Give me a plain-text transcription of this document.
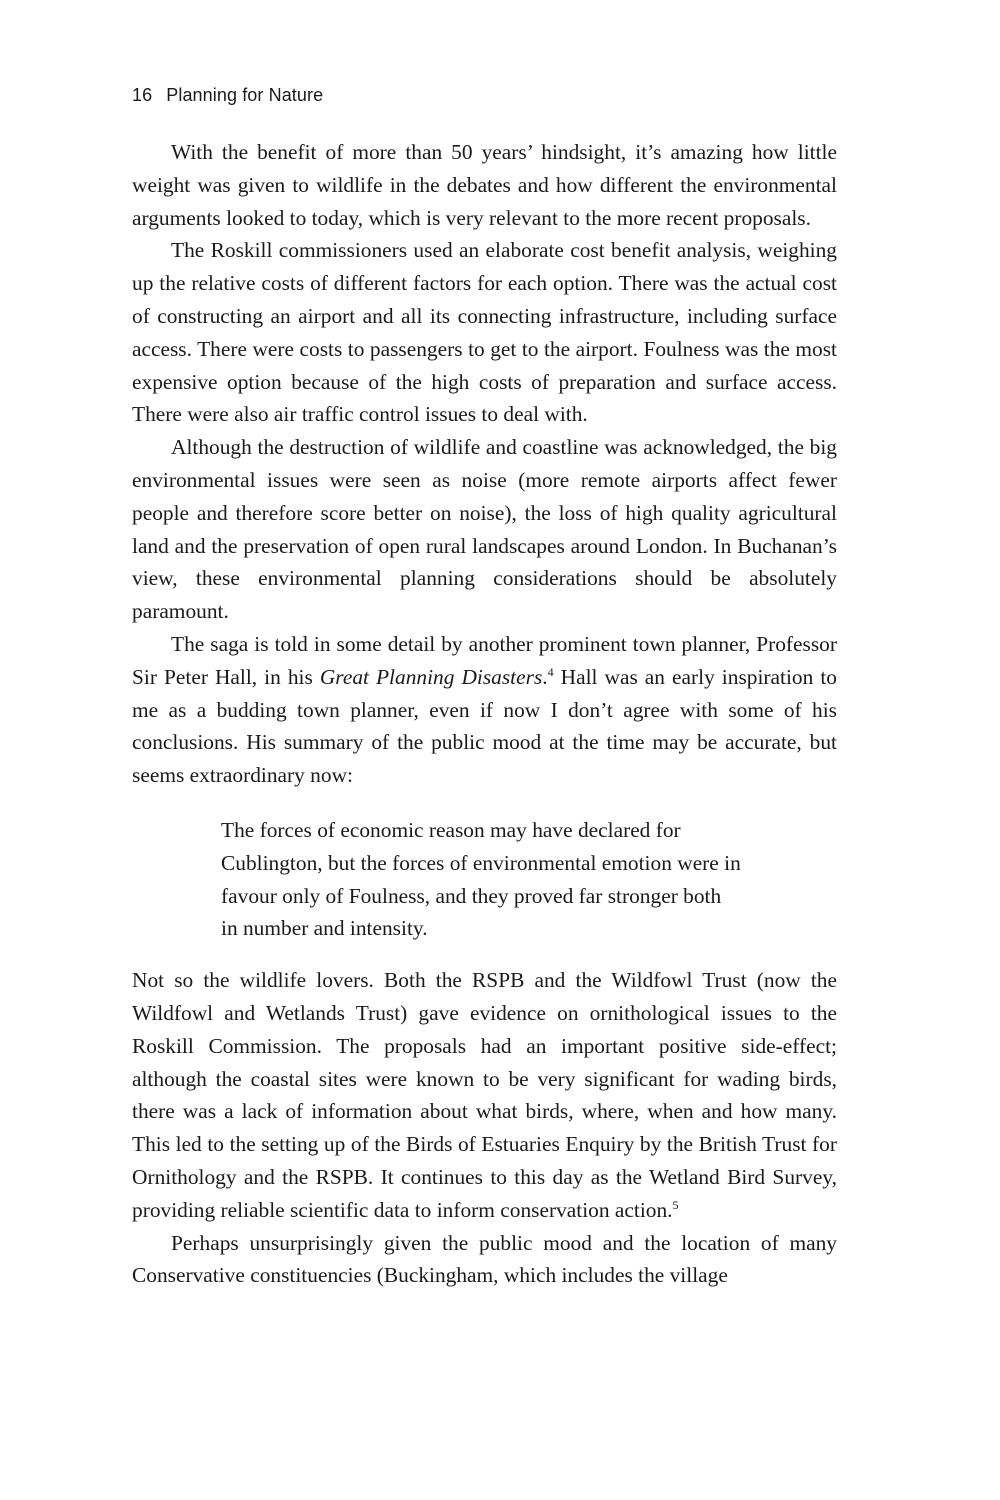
16 Planning for Nature

With the benefit of more than 50 years’ hindsight, it’s amazing how little weight was given to wildlife in the debates and how different the environmental arguments looked to today, which is very relevant to the more recent proposals.

The Roskill commissioners used an elaborate cost benefit analysis, weighing up the relative costs of different factors for each option. There was the actual cost of constructing an airport and all its connecting infrastructure, including surface access. There were costs to passengers to get to the airport. Foulness was the most expensive option because of the high costs of preparation and surface access. There were also air traffic control issues to deal with.

Although the destruction of wildlife and coastline was acknowledged, the big environmental issues were seen as noise (more remote airports affect fewer people and therefore score better on noise), the loss of high quality agricultural land and the preservation of open rural landscapes around London. In Buchanan’s view, these environmental planning considerations should be absolutely paramount.

The saga is told in some detail by another prominent town planner, Professor Sir Peter Hall, in his Great Planning Disasters.$^4$ Hall was an early inspiration to me as a budding town planner, even if now I don’t agree with some of his conclusions. His summary of the public mood at the time may be accurate, but seems extraordinary now:

The forces of economic reason may have declared for Cublington, but the forces of environmental emotion were in favour only of Foulness, and they proved far stronger both in number and intensity.

Not so the wildlife lovers. Both the RSPB and the Wildfowl Trust (now the Wildfowl and Wetlands Trust) gave evidence on ornithological issues to the Roskill Commission. The proposals had an important positive side-effect; although the coastal sites were known to be very significant for wading birds, there was a lack of information about what birds, where, when and how many. This led to the setting up of the Birds of Estuaries Enquiry by the British Trust for Ornithology and the RSPB. It continues to this day as the Wetland Bird Survey, providing reliable scientific data to inform conservation action.$^5$

Perhaps unsurprisingly given the public mood and the location of many Conservative constituencies (Buckingham, which includes the village
